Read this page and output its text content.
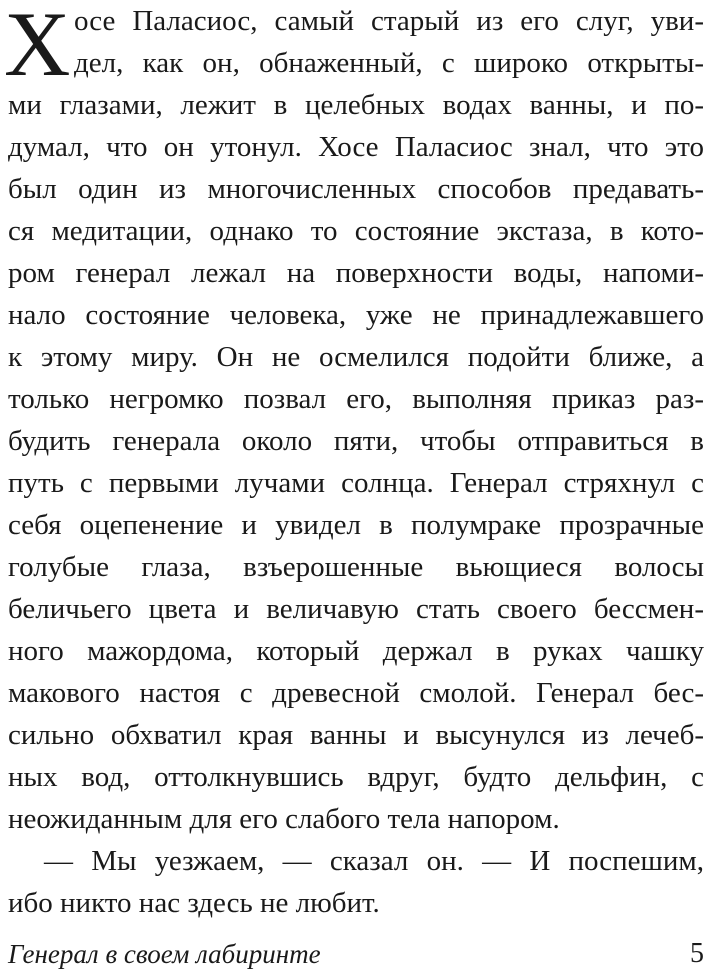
Х осе Паласиос, самый старый из его слуг, уви-
дел, как он, обнаженный, с широко открыты-
ми глазами, лежит в целебных водах ванны, и по-
думал, что он утонул. Хосе Паласиос знал, что это
был один из многочисленных способов предавать-
ся медитации, однако то состояние экстаза, в кото-
ром генерал лежал на поверхности воды, напоми-
нало состояние человека, уже не принадлежавшего
к этому миру. Он не осмелился подойти ближе, а
только негромко позвал его, выполняя приказ раз-
будить генерала около пяти, чтобы отправиться в
путь с первыми лучами солнца. Генерал стряхнул с
себя оцепенение и увидел в полумраке прозрачные
голубые глаза, взъерошенные вьющиеся волосы
беличьего цвета и величавую стать своего бессмен-
ного мажордома, который держал в руках чашку
макового настоя с древесной смолой. Генерал бес-
сильно обхватил края ванны и высунулся из лечеб-
ных вод, оттолкнувшись вдруг, будто дельфин, с
неожиданным для его слабого тела напором.
— Мы уезжаем, — сказал он. — И поспешим,
ибо никто нас здесь не любит.
Генерал в своем лабиринте	5
